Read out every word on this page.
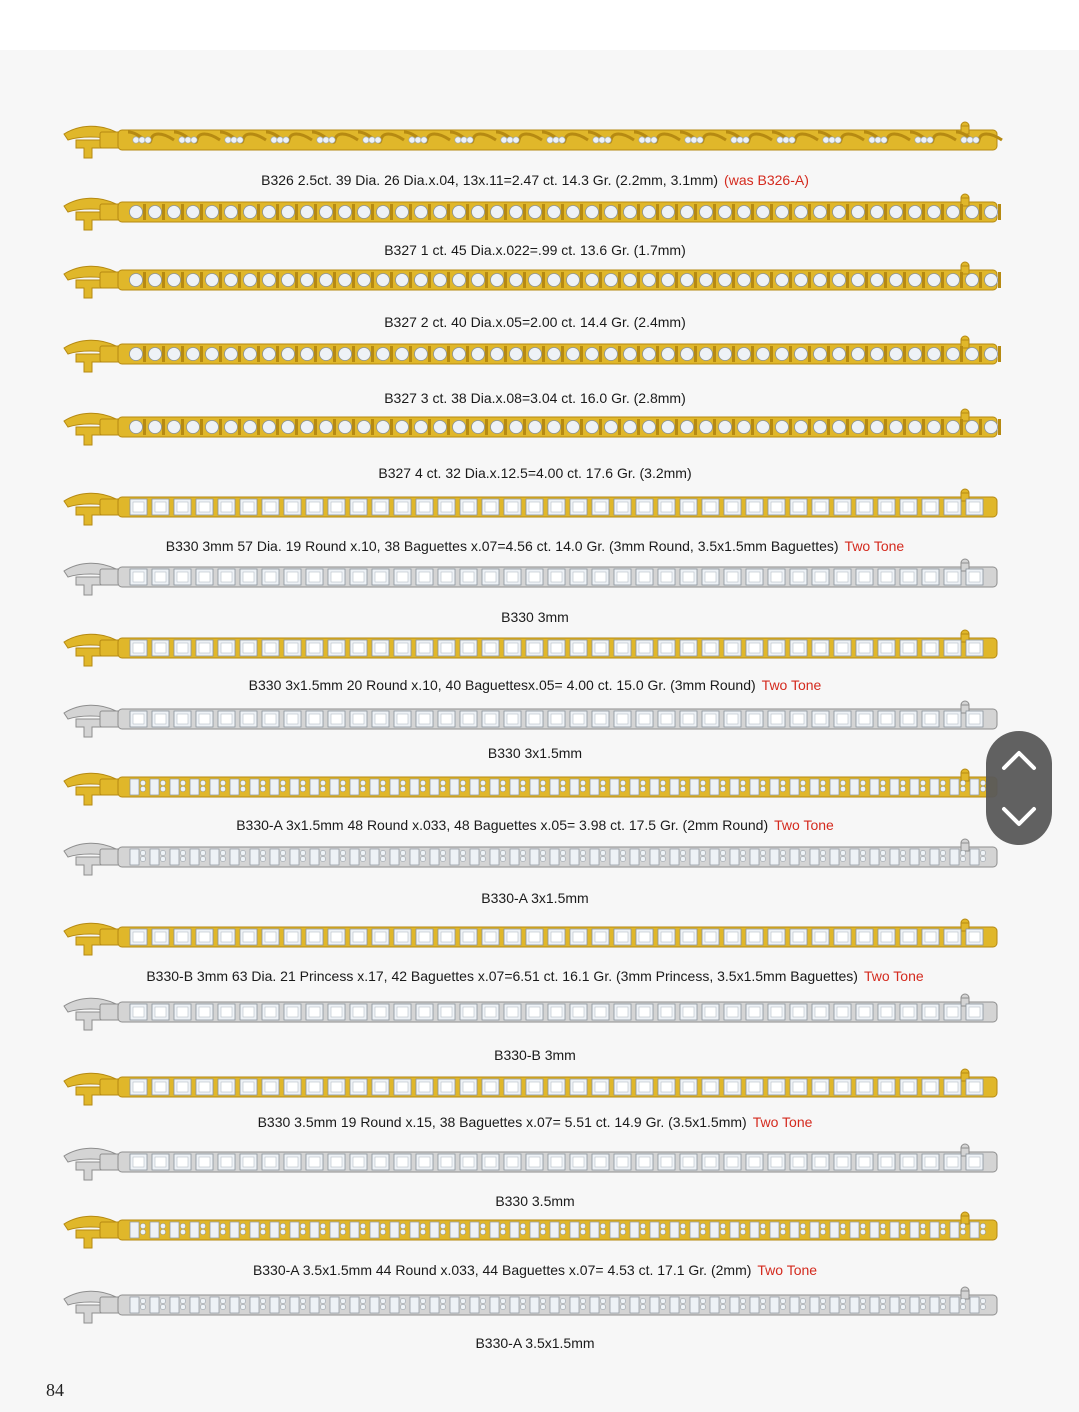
B326 2.5ct. 39 Dia. 26 Dia.x.04, 13x.11=2.47 ct. 14.3 Gr. (2.2mm, 3.1mm) (was B326-A)
B327 1 ct. 45 Dia.x.022=.99 ct. 13.6 Gr. (1.7mm)
B327 2 ct. 40 Dia.x.05=2.00 ct. 14.4 Gr. (2.4mm)
B327 3 ct. 38 Dia.x.08=3.04 ct. 16.0 Gr. (2.8mm)
B327 4 ct. 32 Dia.x.12.5=4.00 ct. 17.6 Gr. (3.2mm)
B330 3mm 57 Dia. 19 Round x.10, 38 Baguettes x.07=4.56 ct. 14.0 Gr. (3mm Round, 3.5x1.5mm Baguettes) Two Tone
B330 3mm
B330 3x1.5mm 20 Round x.10, 40 Baguettesx.05= 4.00 ct. 15.0 Gr. (3mm Round) Two Tone
B330 3x1.5mm
B330-A 3x1.5mm 48 Round x.033, 48 Baguettes x.05= 3.98 ct. 17.5 Gr. (2mm Round) Two Tone
B330-A 3x1.5mm
B330-B 3mm 63 Dia. 21 Princess x.17, 42 Baguettes x.07=6.51 ct. 16.1 Gr. (3mm Princess, 3.5x1.5mm Baguettes) Two Tone
B330-B 3mm
B330 3.5mm 19 Round x.15, 38 Baguettes x.07= 5.51 ct. 14.9 Gr. (3.5x1.5mm) Two Tone
B330 3.5mm
B330-A 3.5x1.5mm 44 Round x.033, 44 Baguettes x.07= 4.53 ct. 17.1 Gr. (2mm) Two Tone
B330-A 3.5x1.5mm
84
